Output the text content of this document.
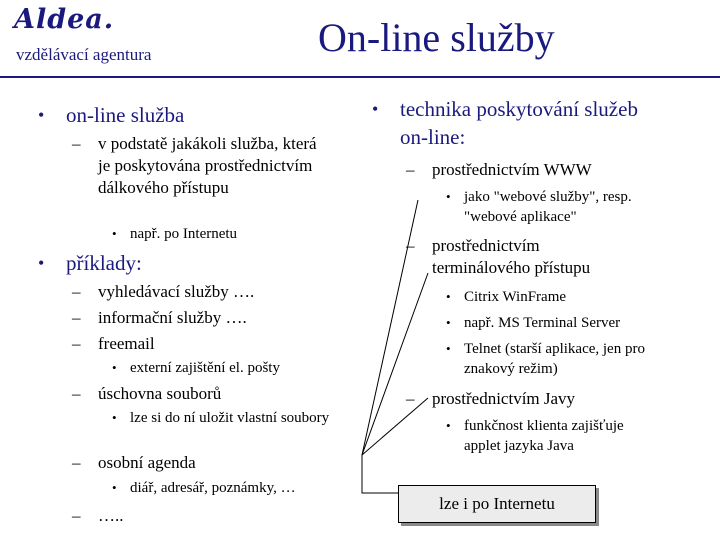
Aldea.
vzdělávací agentura	On-line služby
• on-line služba
– v podstatě jakákoli služba, která je poskytována prostřednictvím dálkového přístupu
• např. po Internetu
• příklady:
– vyhledávací služby ….
– informační služby ….
– freemail
• externí zajištění el. pošty
– úschovna souborů
• lze si do ní uložit vlastní soubory
– osobní agenda
• diář, adresář, poznámky, …
– …..
• technika poskytování služeb on-line:
– prostřednictvím WWW
• jako "webové služby", resp. "webové aplikace"
– prostřednictvím terminálového přístupu
• Citrix WinFrame
• např. MS Terminal Server
• Telnet (starší aplikace, jen pro znakový režim)
– prostřednictvím Javy
• funkčnost klienta zajišťuje applet jazyka Java
lze i po Internetu
